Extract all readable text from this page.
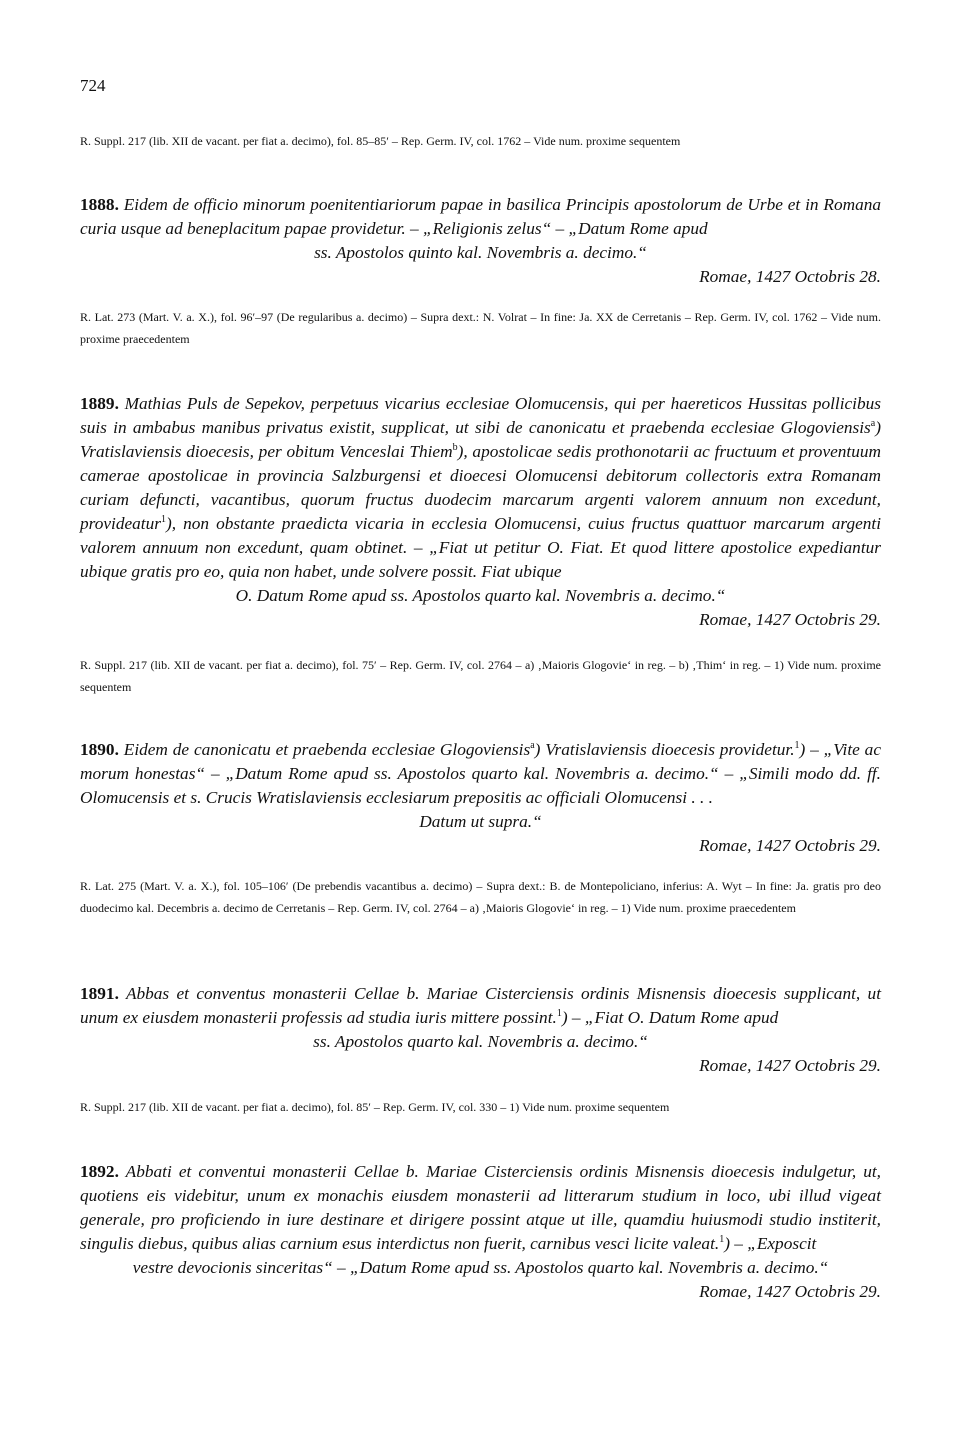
724
R. Suppl. 217 (lib. XII de vacant. per fiat a. decimo), fol. 85–85′ – Rep. Germ. IV, col. 1762 – Vide num. proxime sequentem
1888. Eidem de officio minorum poenitentiariorum papae in basilica Principis apostolorum de Urbe et in Romana curia usque ad beneplacitum papae providetur. – „Religionis zelus“ – „Datum Rome apud
ss. Apostolos quinto kal. Novembris a. decimo.“
Romae, 1427 Octobris 28.
R. Lat. 273 (Mart. V. a. X.), fol. 96′–97 (De regularibus a. decimo) – Supra dext.: N. Volrat – In fine: Ja. XX de Cerretanis – Rep. Germ. IV, col. 1762 – Vide num. proxime praecedentem
1889. Mathias Puls de Sepekov, perpetuus vicarius ecclesiae Olomucensis, qui per haereticos Hussitas pollicibus suis in ambabus manibus privatus existit, supplicat, ut sibi de canonicatu et praebenda ecclesiae Glogoviensis$^a$) Vratislaviensis dioecesis, per obitum Venceslai Thiem$^b$), apostolicae sedis prothonotarii ac fructuum et proventuum camerae apostolicae in provincia Salzburgensi et dioecesi Olomucensi debitorum collectoris extra Romanam curiam defuncti, vacantibus, quorum fructus duodecim marcarum argenti valorem annuum non excedunt, provideatur$^1$), non obstante praedicta vicaria in ecclesia Olomucensi, cuius fructus quattuor marcarum argenti valorem annuum non excedunt, quam obtinet. – „Fiat ut petitur O. Fiat. Et quod littere apostolice expediantur ubique gratis pro eo, quia non habet, unde solvere possit. Fiat ubique
O. Datum Rome apud ss. Apostolos quarto kal. Novembris a. decimo.“
Romae, 1427 Octobris 29.
R. Suppl. 217 (lib. XII de vacant. per fiat a. decimo), fol. 75′ – Rep. Germ. IV, col. 2764 – a) ‚Maioris Glogovie‘ in reg. – b) ‚Thim‘ in reg. – 1) Vide num. proxime sequentem
1890. Eidem de canonicatu et praebenda ecclesiae Glogoviensis$^a$) Vratislaviensis dioecesis providetur.$^1$) – „Vite ac morum honestas“ – „Datum Rome apud ss. Apostolos quarto kal. Novembris a. decimo.“ – „Simili modo dd. ff. Olomucensis et s. Crucis Wratislaviensis ecclesiarum prepositis ac officiali Olomucensi . . .
Datum ut supra.“
Romae, 1427 Octobris 29.
R. Lat. 275 (Mart. V. a. X.), fol. 105–106′ (De prebendis vacantibus a. decimo) – Supra dext.: B. de Montepoliciano, inferius: A. Wyt – In fine: Ja. gratis pro deo duodecimo kal. Decembris a. decimo de Cerretanis – Rep. Germ. IV, col. 2764 – a) ‚Maioris Glogovie‘ in reg. – 1) Vide num. proxime praecedentem
1891. Abbas et conventus monasterii Cellae b. Mariae Cisterciensis ordinis Misnensis dioecesis supplicant, ut unum ex eiusdem monasterii professis ad studia iuris mittere possint.$^1$) – „Fiat O. Datum Rome apud
ss. Apostolos quarto kal. Novembris a. decimo.“
Romae, 1427 Octobris 29.
R. Suppl. 217 (lib. XII de vacant. per fiat a. decimo), fol. 85′ – Rep. Germ. IV, col. 330 – 1) Vide num. proxime sequentem
1892. Abbati et conventui monasterii Cellae b. Mariae Cisterciensis ordinis Misnensis dioecesis indulgetur, ut, quotiens eis videbitur, unum ex monachis eiusdem monasterii ad litterarum studium in loco, ubi illud vigeat generale, pro proficiendo in iure destinare et dirigere possint atque ut ille, quamdiu huiusmodi studio institerit, singulis diebus, quibus alias carnium esus interdictus non fuerit, carnibus vesci licite valeat.$^1$) – „Exposcit
vestre devocionis sinceritas“ – „Datum Rome apud ss. Apostolos quarto kal. Novembris a. decimo.“
Romae, 1427 Octobris 29.
